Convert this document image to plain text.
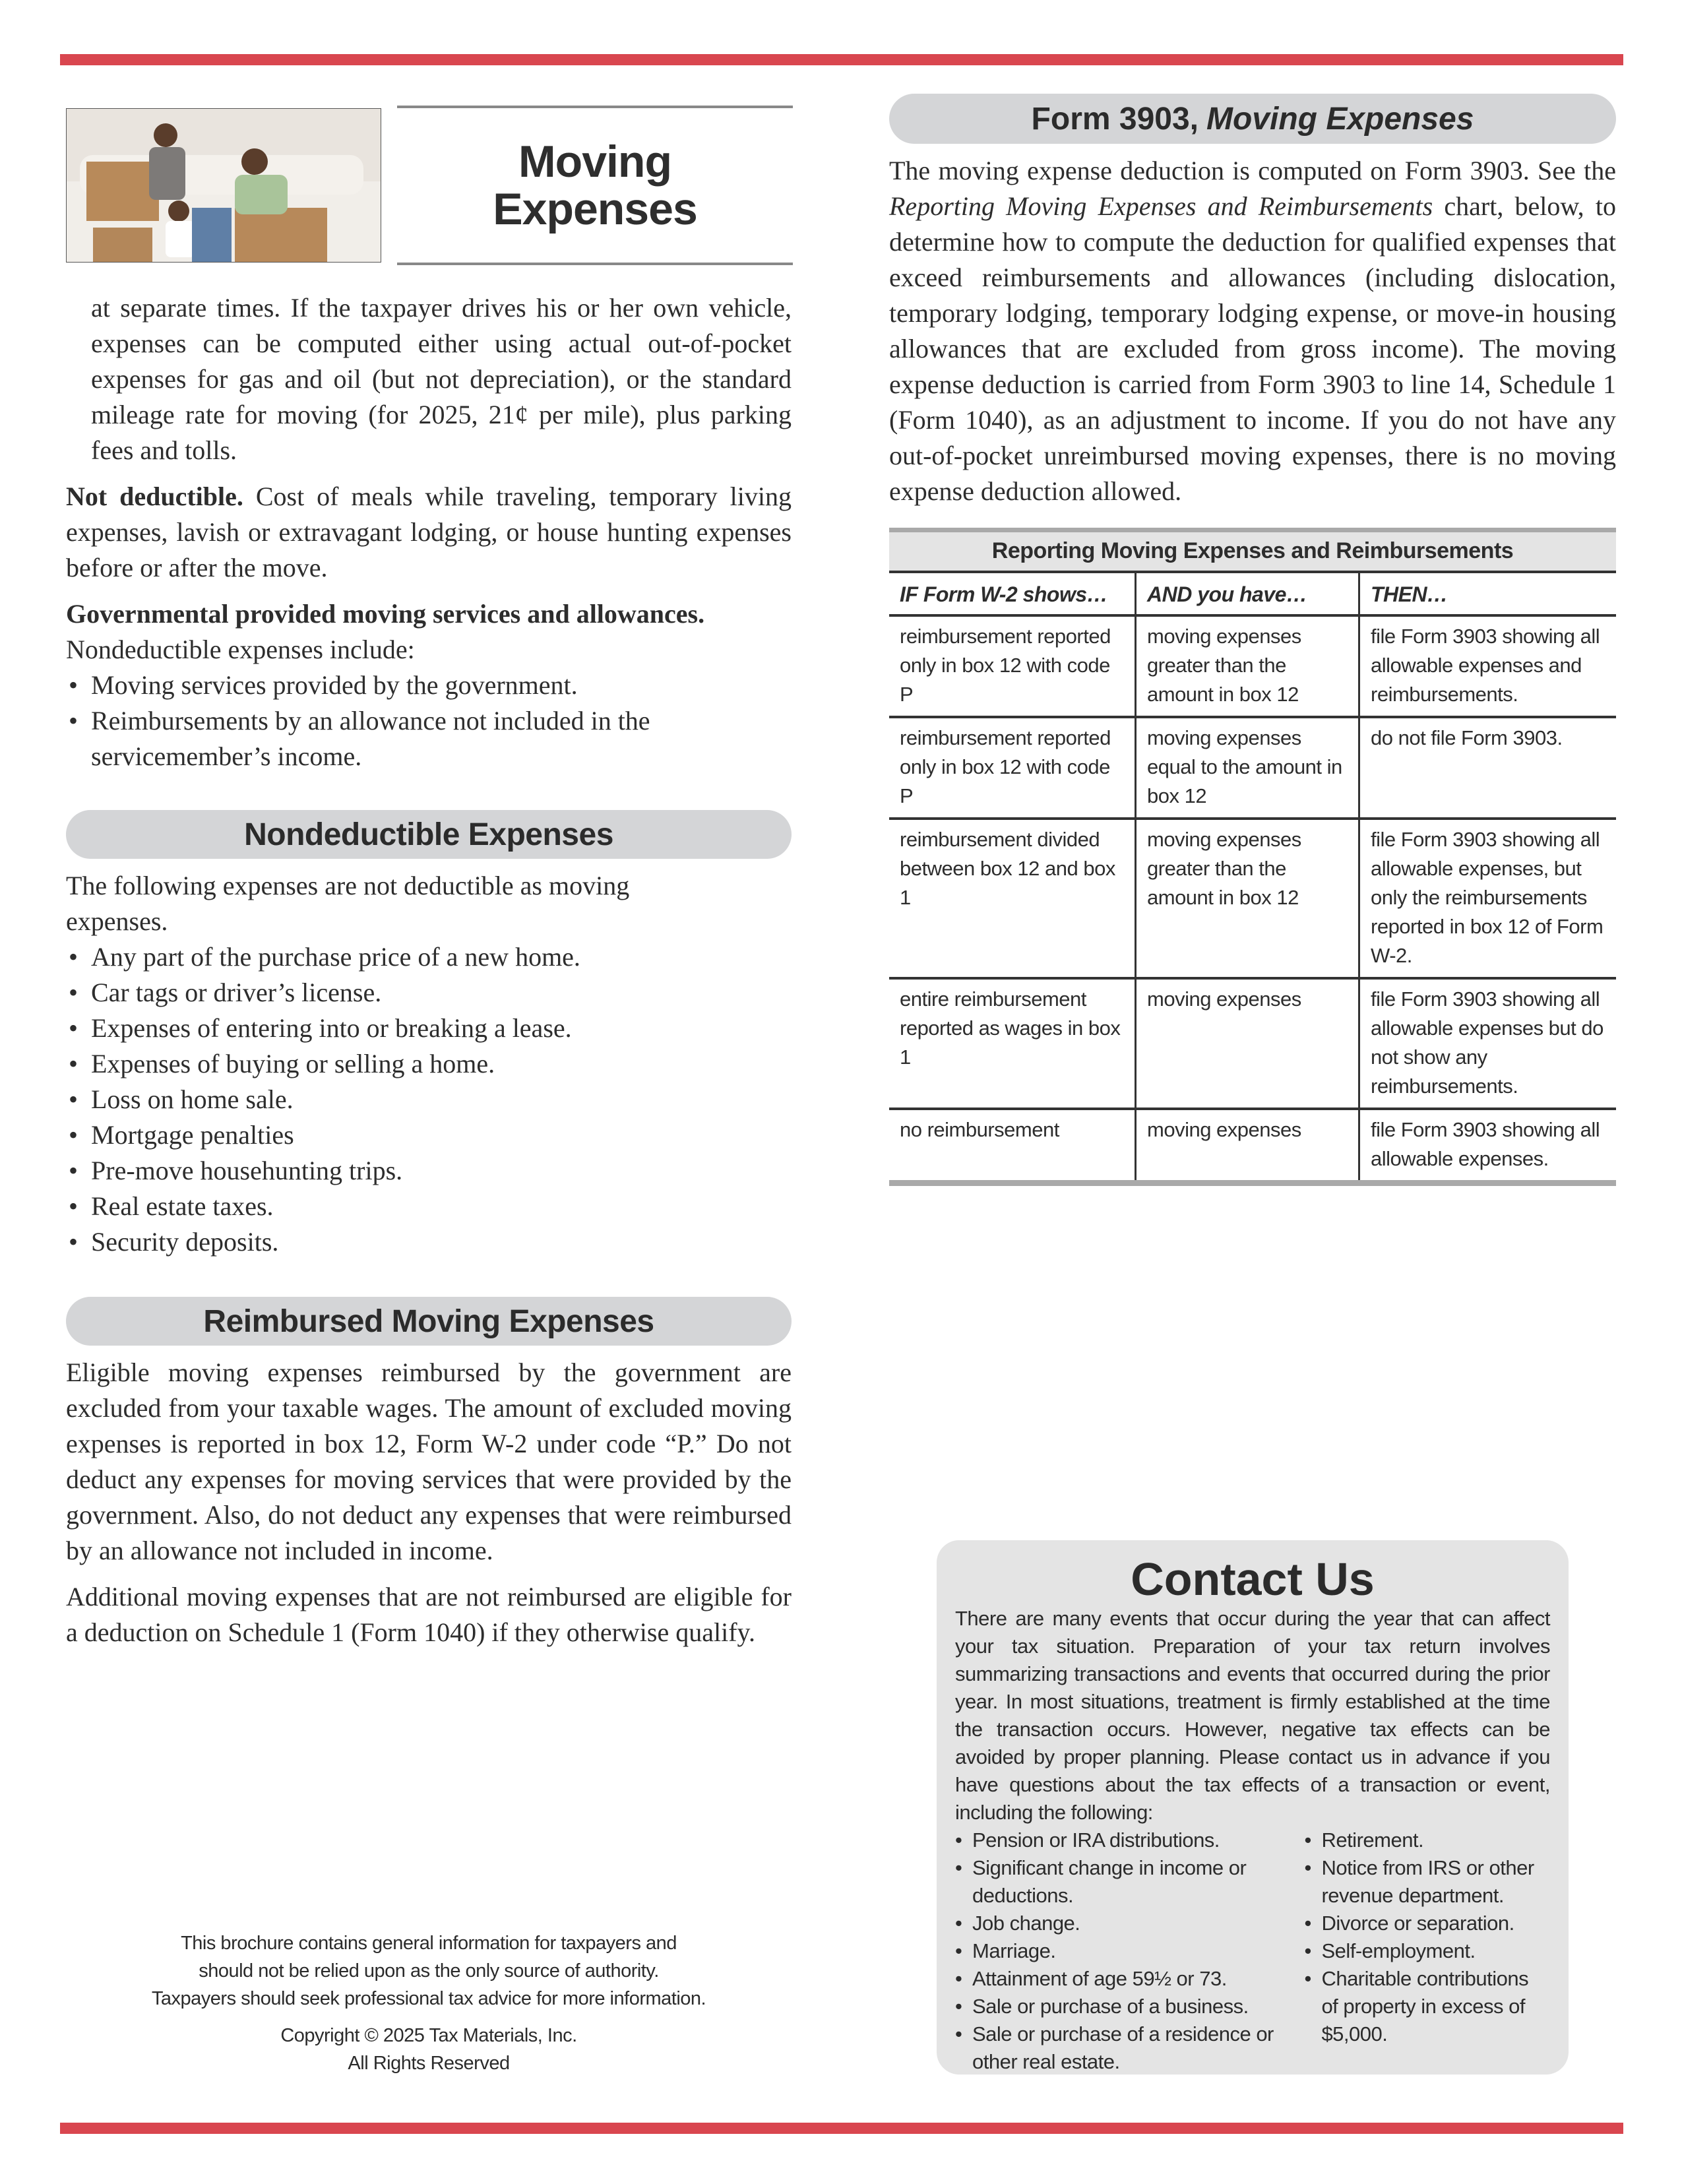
Moving
Expenses

at separate times. If the taxpayer drives his or her own vehicle, expenses can be computed either using actual out-of-pocket expenses for gas and oil (but not depreciation), or the standard mileage rate for moving (for 2025, 21¢ per mile), plus parking fees and tolls.

Not deductible. Cost of meals while traveling, temporary living expenses, lavish or extravagant lodging, or house hunting expenses before or after the move.

Governmental provided moving services and allowances.
Nondeductible expenses include:
• Moving services provided by the government.
• Reimbursements by an allowance not included in the servicemember’s income.
Nondeductible Expenses
The following expenses are not deductible as moving expenses.
• Any part of the purchase price of a new home.
• Car tags or driver’s license.
• Expenses of entering into or breaking a lease.
• Expenses of buying or selling a home.
• Loss on home sale.
• Mortgage penalties
• Pre-move househunting trips.
• Real estate taxes.
• Security deposits.
Reimbursed Moving Expenses

Eligible moving expenses reimbursed by the government are excluded from your taxable wages. The amount of excluded moving expenses is reported in box 12, Form W-2 under code “P.” Do not deduct any expenses for moving services that were provided by the government. Also, do not deduct any expenses that were reimbursed by an allowance not included in income.

Additional moving expenses that are not reimbursed are eligible for a deduction on Schedule 1 (Form 1040) if they otherwise qualify.

This brochure contains general information for taxpayers and
should not be relied upon as the only source of authority.
Taxpayers should seek professional tax advice for more information.
Copyright © 2025 Tax Materials, Inc.
All Rights Reserved
Form 3903, Moving Expenses

The moving expense deduction is computed on Form 3903. See the Reporting Moving Expenses and Reimbursements chart, below, to determine how to compute the deduction for qualified expenses that exceed reimbursements and allowances (including dislocation, temporary lodging, temporary lodging expense, or move-in housing allowances that are excluded from gross income). The moving expense deduction is carried from Form 3903 to line 14, Schedule 1 (Form 1040), as an adjustment to income. If you do not have any out-of-pocket unreimbursed moving expenses, there is no moving expense deduction allowed.

Reporting Moving Expenses and Reimbursements
IF Form W-2 shows…	AND you have…	THEN…
reimbursement reported only in box 12 with code P	moving expenses greater than the amount in box 12	file Form 3903 showing all allowable expenses and reimbursements.
reimbursement reported only in box 12 with code P	moving expenses equal to the amount in box 12	do not file Form 3903.
reimbursement divided between box 12 and box 1	moving expenses greater than the amount in box 12	file Form 3903 showing all allowable expenses, but only the reimbursements reported in box 12 of Form W-2.
entire reimbursement reported as wages in box 1	moving expenses	file Form 3903 showing all allowable expenses but do not show any reimbursements.
no reimbursement	moving expenses	file Form 3903 showing all allowable expenses.
Contact Us
There are many events that occur during the year that can affect your tax situation. Preparation of your tax return involves summarizing transactions and events that occurred during the prior year. In most situations, treatment is firmly established at the time the transaction occurs. However, negative tax effects can be avoided by proper planning. Please contact us in advance if you have questions about the tax effects of a transaction or event, including the following:
• Pension or IRA distributions.
• Significant change in income or deductions.
• Job change.
• Marriage.
• Attainment of age 59½ or 73.
• Sale or purchase of a business.
• Sale or purchase of a residence or other real estate.
• Retirement.
• Notice from IRS or other revenue department.
• Divorce or separation.
• Self-employment.
• Charitable contributions of property in excess of $5,000.
